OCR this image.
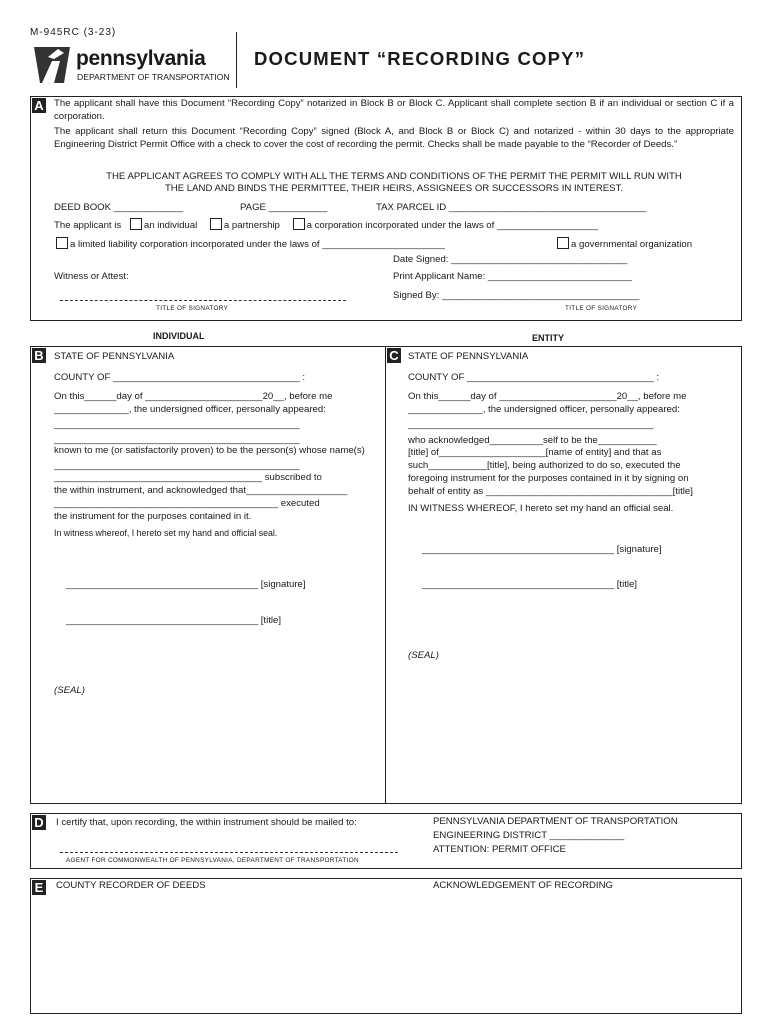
M-945RC (3-23)
pennsylvania
DEPARTMENT OF TRANSPORTATION
DOCUMENT “RECORDING COPY”
A The applicant shall have this Document “Recording Copy” notarized in Block B or Block C. Applicant shall complete section B if an individual or section C if a corporation.
The applicant shall return this Document “Recording Copy” signed (Block A, and Block B or Block C) and notarized - within 30 days to the appropriate Engineering District Permit Office with a check to cover the cost of recording the permit. Checks shall be made payable to the “Recorder of Deeds.”
THE APPLICANT AGREES TO COMPLY WITH ALL THE TERMS AND CONDITIONS OF THE PERMIT THE PERMIT WILL RUN WITH
THE LAND AND BINDS THE PERMITTEE, THEIR HEIRS, ASSIGNEES OR SUCCESSORS IN INTEREST.
DEED BOOK _____________	PAGE ___________	TAX PARCEL ID _____________________________________
The applicant is an individual	a partnership	a corporation incorporated under the laws of ___________________
a limited liability corporation incorporated under the laws of _______________________	a governmental organization
Date Signed: _________________________________
Witness or Attest:	Print Applicant Name: ___________________________
Signed By: _____________________________________
TITLE OF SIGNATORY	TITLE OF SIGNATORY
INDIVIDUAL	ENTITY
B STATE OF PENNSYLVANIA
COUNTY OF ___________________________________ :
On this______day of ______________________20__, before me
______________, the undersigned officer, personally appeared:
______________________________________________
______________________________________________
known to me (or satisfactorily proven) to be the person(s) whose name(s)
______________________________________________
_______________________________________ subscribed to
the within instrument, and acknowledged that___________________
__________________________________________ executed
the instrument for the purposes contained in it.
In witness whereof, I hereto set my hand and official seal.
____________________________________ [signature]
____________________________________ [title]
(SEAL)
C STATE OF PENNSYLVANIA
COUNTY OF ___________________________________ :
On this______day of ______________________20__, before me
______________, the undersigned officer, personally appeared:
______________________________________________
who acknowledged__________self to be the___________
[title] of____________________[name of entity] and that as
such___________[title], being authorized to do so, executed the
foregoing instrument for the purposes contained in it by signing on
behalf of entity as ___________________________________[title]
IN WITNESS WHEREOF, I hereto set my hand an official seal.
____________________________________ [signature]
____________________________________ [title]
(SEAL)
D I certify that, upon recording, the within instrument should be mailed to:
AGENT FOR COMMONWEALTH OF PENNSYLVANIA, DEPARTMENT OF TRANSPORTATION
PENNSYLVANIA DEPARTMENT OF TRANSPORTATION
ENGINEERING DISTRICT ______________
ATTENTION: PERMIT OFFICE
E COUNTY RECORDER OF DEEDS	ACKNOWLEDGEMENT OF RECORDING
